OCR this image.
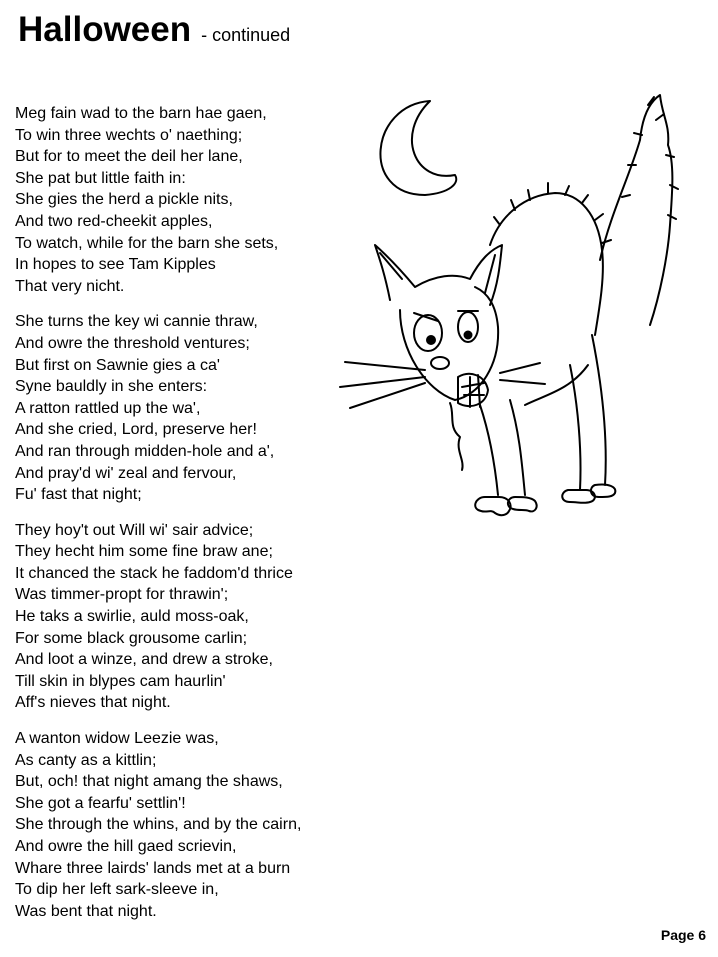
Halloween - continued
Meg fain wad to the barn hae gaen,
To win three wechts o' naething;
But for to meet the deil her lane,
She pat but little faith in:
She gies the herd a pickle nits,
And two red-cheekit apples,
To watch, while for the barn she sets,
In hopes to see Tam Kipples
That very nicht.
She turns the key wi cannie thraw,
And owre the threshold ventures;
But first on Sawnie gies a ca'
Syne bauldly in she enters:
A ratton rattled up the wa',
And she cried, Lord, preserve her!
And ran through midden-hole and a',
And pray'd wi' zeal and fervour,
Fu' fast that night;
They hoy't out Will wi' sair advice;
They hecht him some fine braw ane;
It chanced the stack he faddom'd thrice
Was timmer-propt for thrawin';
He taks a swirlie, auld moss-oak,
For some black grousome carlin;
And loot a winze, and drew a stroke,
Till skin in blypes cam haurlin'
Aff's nieves that night.
A wanton widow Leezie was,
As canty as a kittlin;
But, och! that night amang the shaws,
She got a fearfu' settlin'!
She through the whins, and by the cairn,
And owre the hill gaed scrievin,
Whare three lairds' lands met at a burn
To dip her left sark-sleeve in,
Was bent that night.
Page 6
